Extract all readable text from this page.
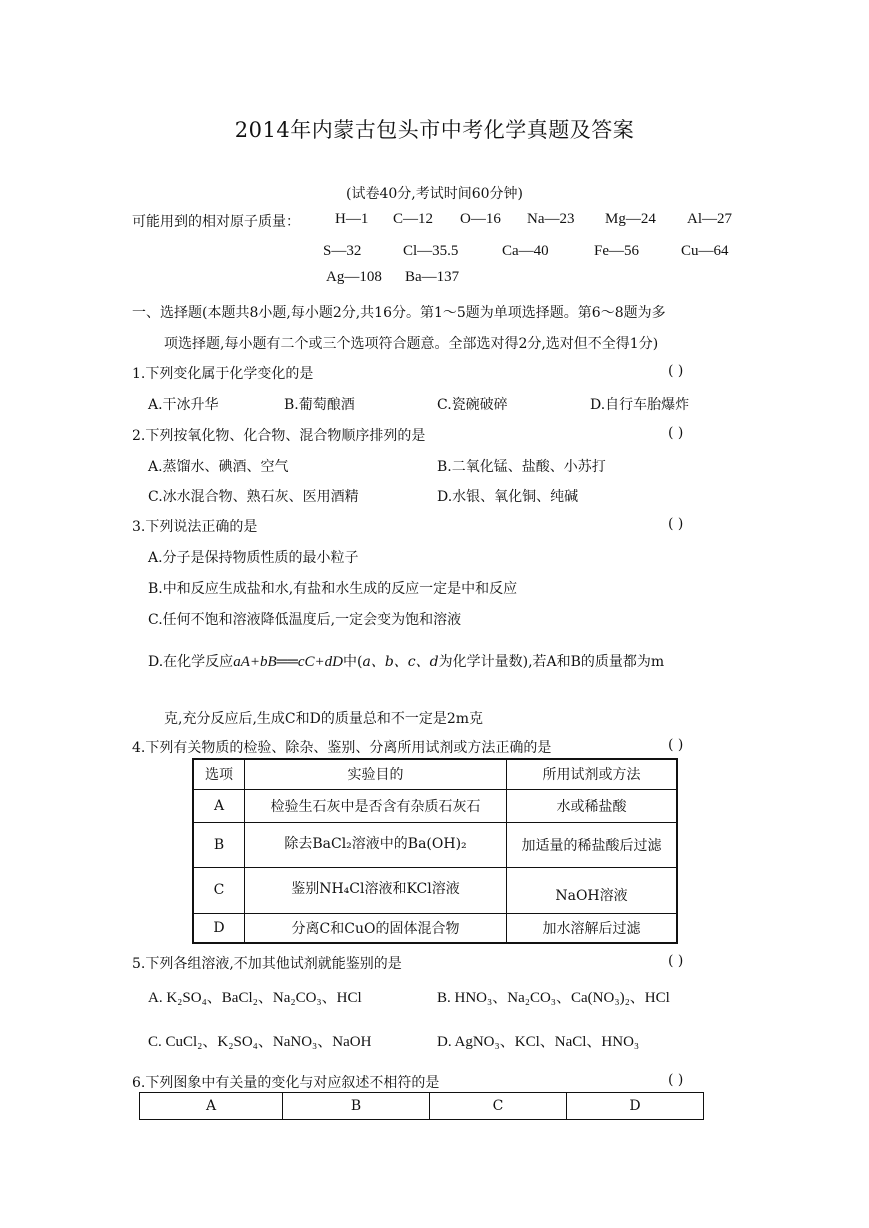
2014年内蒙古包头市中考化学真题及答案
(试卷40分,考试时间60分钟)
可能用到的相对原子质量： H—1 C—12 O—16 Na—23 Mg—24 Al—27
S—32	Cl—35.5	Ca—40	Fe—56	Cu—64
Ag—108 Ba—137
一、选择题(本题共8小题,每小题2分,共16分。第1～5题为单项选择题。第6～8题为多
项选择题,每小题有二个或三个选项符合题意。全部选对得2分,选对但不全得1分)
1.下列变化属于化学变化的是	( )
A.干冰升华	B.葡萄酿酒	C.瓷碗破碎	D.自行车胎爆炸
2.下列按氧化物、化合物、混合物顺序排列的是	( )
A.蒸馏水、碘酒、空气	B.二氧化锰、盐酸、小苏打
C.冰水混合物、熟石灰、医用酒精	D.水银、氧化铜、纯碱
3.下列说法正确的是	( )
A.分子是保持物质性质的最小粒子
B.中和反应生成盐和水,有盐和水生成的反应一定是中和反应
C.任何不饱和溶液降低温度后,一定会变为饱和溶液
D.在化学反应aA+bB══cC+dD中(a、b、c、d为化学计量数),若A和B的质量都为m
克,充分反应后,生成C和D的质量总和不一定是2m克
4.下列有关物质的检验、除杂、鉴别、分离所用试剂或方法正确的是	( )
选项	实验目的	所用试剂或方法
A	检验生石灰中是否含有杂质石灰石	水或稀盐酸
B	除去BaCl₂溶液中的Ba(OH)₂	加适量的稀盐酸后过滤
C	鉴别NH₄Cl溶液和KCl溶液	NaOH溶液
D	分离C和CuO的固体混合物	加水溶解后过滤
5.下列各组溶液,不加其他试剂就能鉴别的是	( )
A. K₂SO₄、BaCl₂、Na₂CO₃、HCl	B. HNO₃、Na₂CO₃、Ca(NO₃)₂、HCl
C. CuCl₂、K₂SO₄、NaNO₃、NaOH	D. AgNO₃、KCl、NaCl、HNO₃
6.下列图象中有关量的变化与对应叙述不相符的是	( )
A	B	C	D
